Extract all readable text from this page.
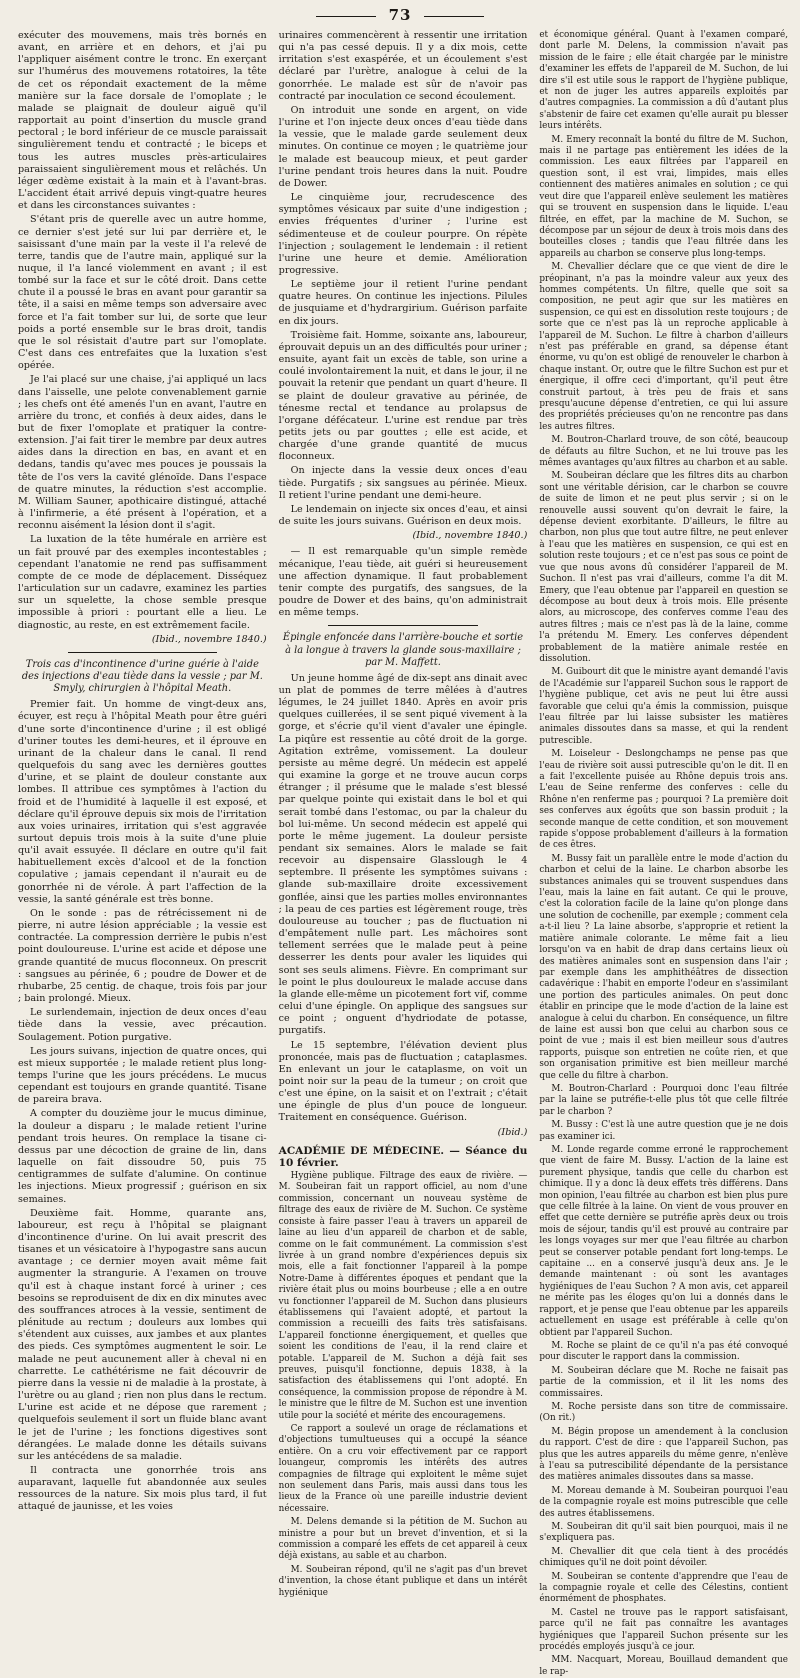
73

exécuter des mouvemens, mais très bornés en avant, en arrière et en dehors, et j'ai pu l'appliquer aisément contre le tronc. En exerçant sur l'humérus des mouvemens rotatoires, la tête de cet os répondait exactement de la même manière sur la face dorsale de l'omoplate ; le malade se plaignait de douleur aiguë qu'il rapportait au point d'insertion du muscle grand pectoral ; le bord inférieur de ce muscle paraissait singulièrement tendu et contracté ; le biceps et tous les autres muscles près-articulaires paraissaient singulièrement mous et relâchés. Un léger œdème existait à la main et à l'avant-bras. L'accident était arrivé depuis vingt-quatre heures et dans les circonstances suivantes :

S'étant pris de querelle avec un autre homme, ce dernier s'est jeté sur lui par derrière et, le saisissant d'une main par la veste il l'a relevé de terre, tandis que de l'autre main, appliqué sur la nuque, il l'a lancé violemment en avant ; il est tombé sur la face et sur le côté droit. Dans cette chute il a poussé le bras en avant pour garantir sa tête, il a saisi en même temps son adversaire avec force et l'a fait tomber sur lui, de sorte que leur poids a porté ensemble sur le bras droit, tandis que le sol résistait d'autre part sur l'omoplate. C'est dans ces entrefaites que la luxation s'est opérée.

Je l'ai placé sur une chaise, j'ai appliqué un lacs dans l'aisselle, une pelote convenablement garnie ; les chefs ont été amenés l'un en avant, l'autre en arrière du tronc, et confiés à deux aides, dans le but de fixer l'omoplate et pratiquer la contre-extension. J'ai fait tirer le membre par deux autres aides dans la direction en bas, en avant et en dedans, tandis qu'avec mes pouces je poussais la tête de l'os vers la cavité glénoïde. Dans l'espace de quatre minutes, la réduction s'est accomplie. M. William Sauner, apothicaire distingué, attaché à l'infirmerie, a été présent à l'opération, et a reconnu aisément la lésion dont il s'agit.

La luxation de la tête humérale en arrière est un fait prouvé par des exemples incontestables ; cependant l'anatomie ne rend pas suffisamment compte de ce mode de déplacement. Disséquez l'articulation sur un cadavre, examinez les parties sur un squelette, la chose semble presque impossible à priori : pourtant elle a lieu. Le diagnostic, au reste, en est extrêmement facile.

(Ibid., novembre 1840.)

Trois cas d'incontinence d'urine guérie à l'aide des injections d'eau tiède dans la vessie ; par M. Smyly, chirurgien à l'hôpital Meath.

Premier fait. Un homme de vingt-deux ans, écuyer, est reçu à l'hôpital Meath pour être guéri d'une sorte d'incontinence d'urine ; il est obligé d'uriner toutes les demi-heures, et il éprouve en urinant de la chaleur dans le canal. Il rend quelquefois du sang avec les dernières gouttes d'urine, et se plaint de douleur constante aux lombes. Il attribue ces symptômes à l'action du froid et de l'humidité à laquelle il est exposé, et déclare qu'il éprouve depuis six mois de l'irritation aux voies urinaires, irritation qui s'est aggravée surtout depuis trois mois à la suite d'une pluie qu'il avait essuyée. Il déclare en outre qu'il fait habituellement excès d'alcool et de la fonction copulative ; jamais cependant il n'aurait eu de gonorrhée ni de vérole. À part l'affection de la vessie, la santé générale est très bonne.

On le sonde : pas de rétrécissement ni de pierre, ni autre lésion appréciable ; la vessie est contractée. La compression derrière le pubis n'est point douloureuse. L'urine est acide et dépose une grande quantité de mucus floconneux. On prescrit : sangsues au périnée, 6 ; poudre de Dower et de rhubarbe, 25 centig. de chaque, trois fois par jour ; bain prolongé. Mieux.

Le surlendemain, injection de deux onces d'eau tiède dans la vessie, avec précaution. Soulagement. Potion purgative.

Les jours suivans, injection de quatre onces, qui est mieux supportée ; le malade retient plus long-temps l'urine que les jours précédens. Le mucus cependant est toujours en grande quantité. Tisane de pareira brava.

A compter du douzième jour le mucus diminue, la douleur a disparu ; le malade retient l'urine pendant trois heures. On remplace la tisane ci-dessus par une décoction de graine de lin, dans laquelle on fait dissoudre 50, puis 75 centigrammes de sulfate d'alumine. On continue les injections. Mieux progressif ; guérison en six semaines.

Deuxième fait. Homme, quarante ans, laboureur, est reçu à l'hôpital se plaignant d'incontinence d'urine. On lui avait prescrit des tisanes et un vésicatoire à l'hypogastre sans aucun avantage ; ce dernier moyen avait même fait augmenter la strangurie. A l'examen on trouve qu'il est à chaque instant forcé à uriner ; ces besoins se reproduisent de dix en dix minutes avec des souffrances atroces à la vessie, sentiment de plénitude au rectum ; douleurs aux lombes qui s'étendent aux cuisses, aux jambes et aux plantes des pieds. Ces symptômes augmentent le soir. Le malade ne peut aucunement aller à cheval ni en charrette. Le cathétérisme ne fait découvrir de pierre dans la vessie ni de maladie à la prostate, à l'urètre ou au gland ; rien non plus dans le rectum. L'urine est acide et ne dépose que rarement ; quelquefois seulement il sort un fluide blanc avant le jet de l'urine ; les fonctions digestives sont dérangées. Le malade donne les détails suivans sur les antécédens de sa maladie.

Il contracta une gonorrhée trois ans auparavant, laquelle fut abandonnée aux seules ressources de la nature. Six mois plus tard, il fut attaqué de jaunisse, et les voies

urinaires commencèrent à ressentir une irritation qui n'a pas cessé depuis. Il y a dix mois, cette irritation s'est exaspérée, et un écoulement s'est déclaré par l'urètre, analogue à celui de la gonorrhée. Le malade est sûr de n'avoir pas contracté par inoculation ce second écoulement.

On introduit une sonde en argent, on vide l'urine et l'on injecte deux onces d'eau tiède dans la vessie, que le malade garde seulement deux minutes. On continue ce moyen ; le quatrième jour le malade est beaucoup mieux, et peut garder l'urine pendant trois heures dans la nuit. Poudre de Dower.

Le cinquième jour, recrudescence des symptômes vésicaux par suite d'une indigestion ; envies fréquentes d'uriner ; l'urine est sédimenteuse et de couleur pourpre. On répète l'injection ; soulagement le lendemain : il retient l'urine une heure et demie. Amélioration progressive.

Le septième jour il retient l'urine pendant quatre heures. On continue les injections. Pilules de jusquiame et d'hydrargirium. Guérison parfaite en dix jours.

Troisième fait. Homme, soixante ans, laboureur, éprouvait depuis un an des difficultés pour uriner ; ensuite, ayant fait un excès de table, son urine a coulé involontairement la nuit, et dans le jour, il ne pouvait la retenir que pendant un quart d'heure. Il se plaint de douleur gravative au périnée, de ténesme rectal et tendance au prolapsus de l'organe défécateur. L'urine est rendue par très petits jets ou par gouttes ; elle est acide, et chargée d'une grande quantité de mucus floconneux.

On injecte dans la vessie deux onces d'eau tiède. Purgatifs ; six sangsues au périnée. Mieux. Il retient l'urine pendant une demi-heure.

Le lendemain on injecte six onces d'eau, et ainsi de suite les jours suivans. Guérison en deux mois.

(Ibid., novembre 1840.)

— Il est remarquable qu'un simple remède mécanique, l'eau tiède, ait guéri si heureusement une affection dynamique. Il faut probablement tenir compte des purgatifs, des sangsues, de la poudre de Dower et des bains, qu'on administrait en même temps.

Épingle enfoncée dans l'arrière-bouche et sortie à la longue à travers la glande sous-maxillaire ; par M. Maffett.

Un jeune homme âgé de dix-sept ans dinait avec un plat de pommes de terre mêlées à d'autres légumes, le 24 juillet 1840. Après en avoir pris quelques cuillerées, il se sent piqué vivement à la gorge, et s'écrie qu'il vient d'avaler une épingle. La piqûre est ressentie au côté droit de la gorge. Agitation extrême, vomissement. La douleur persiste au même degré. Un médecin est appelé qui examine la gorge et ne trouve aucun corps étranger ; il présume que le malade s'est blessé par quelque pointe qui existait dans le bol et qui serait tombé dans l'estomac, ou par la chaleur du bol lui-même. Un second médecin est appelé qui porte le même jugement. La douleur persiste pendant six semaines. Alors le malade se fait recevoir au dispensaire Glasslough le 4 septembre. Il présente les symptômes suivans : glande sub-maxillaire droite excessivement gonflée, ainsi que les parties molles environnantes ; la peau de ces parties est légèrement rouge, très douloureuse au toucher ; pas de fluctuation ni d'empâtement nulle part. Les mâchoires sont tellement serrées que le malade peut à peine desserrer les dents pour avaler les liquides qui sont ses seuls alimens. Fièvre. En comprimant sur le point le plus douloureux le malade accuse dans la glande elle-même un picotement fort vif, comme celui d'une épingle. On applique des sangsues sur ce point ; onguent d'hydriodate de potasse, purgatifs.

Le 15 septembre, l'élévation devient plus prononcée, mais pas de fluctuation ; cataplasmes. En enlevant un jour le cataplasme, on voit un point noir sur la peau de la tumeur ; on croit que c'est une épine, on la saisit et on l'extrait ; c'était une épingle de plus d'un pouce de longueur. Traitement en conséquence. Guérison.

(Ibid.)

ACADÉMIE DE MÉDECINE. — Séance du 10 février.

Hygiène publique. Filtrage des eaux de rivière. — M. Soubeiran fait un rapport officiel, au nom d'une commission, concernant un nouveau système de filtrage des eaux de rivière de M. Suchon. Ce système consiste à faire passer l'eau à travers un appareil de laine au lieu d'un appareil de charbon et de sable, comme on le fait communément. La commission s'est livrée à un grand nombre d'expériences depuis six mois, elle a fait fonctionner l'appareil à la pompe Notre-Dame à différentes époques et pendant que la rivière était plus ou moins bourbeuse ; elle a en outre vu fonctionner l'appareil de M. Suchon dans plusieurs établissemens qui l'avaient adopté, et partout la commission a recueilli des faits très satisfaisans. L'appareil fonctionne énergiquement, et quelles que soient les conditions de l'eau, il la rend claire et potable. L'appareil de M. Suchon a déjà fait ses preuves, puisqu'il fonctionne, depuis 1838, à la satisfaction des établissemens qui l'ont adopté. En conséquence, la commission propose de répondre à M. le ministre que le filtre de M. Suchon est une invention utile pour la société et mérite des encouragemens.

Ce rapport a soulevé un orage de réclamations et d'objections tumultueuses qui a occupé la séance entière. On a cru voir effectivement par ce rapport louangeur, compromis les intérêts des autres compagnies de filtrage qui exploitent le même sujet non seulement dans Paris, mais aussi dans tous les lieux de la France où une pareille industrie devient nécessaire.

M. Delens demande si la pétition de M. Suchon au ministre a pour but un brevet d'invention, et si la commission a comparé les effets de cet appareil à ceux déjà existans, au sable et au charbon.

M. Soubeiran répond, qu'il ne s'agit pas d'un brevet d'invention, la chose étant publique et dans un intérêt hygiénique

et économique général. Quant à l'examen comparé, dont parle M. Delens, la commission n'avait pas mission de le faire ; elle était chargée par le ministre d'examiner les effets de l'appareil de M. Suchon, de lui dire s'il est utile sous le rapport de l'hygiène publique, et non de juger les autres appareils exploités par d'autres compagnies. La commission a dû d'autant plus s'abstenir de faire cet examen qu'elle aurait pu blesser leurs intérêts.

M. Emery reconnaît la bonté du filtre de M. Suchon, mais il ne partage pas entièrement les idées de la commission. Les eaux filtrées par l'appareil en question sont, il est vrai, limpides, mais elles contiennent des matières animales en solution ; ce qui veut dire que l'appareil enlève seulement les matières qui se trouvent en suspension dans le liquide. L'eau filtrée, en effet, par la machine de M. Suchon, se décompose par un séjour de deux à trois mois dans des bouteilles closes ; tandis que l'eau filtrée dans les appareils au charbon se conserve plus long-temps.

M. Chevallier déclare que ce que vient de dire le préopinant, n'a pas la moindre valeur aux yeux des hommes compétents. Un filtre, quelle que soit sa composition, ne peut agir que sur les matières en suspension, ce qui est en dissolution reste toujours ; de sorte que ce n'est pas là un reproche applicable à l'appareil de M. Suchon. Le filtre à charbon d'ailleurs n'est pas préférable en grand, sa dépense étant énorme, vu qu'on est obligé de renouveler le charbon à chaque instant. Or, outre que le filtre Suchon est pur et énergique, il offre ceci d'important, qu'il peut être construit partout, à très peu de frais et sans presqu'aucune dépense d'entretien, ce qui lui assure des propriétés précieuses qu'on ne rencontre pas dans les autres filtres.

M. Boutron-Charlard trouve, de son côté, beaucoup de défauts au filtre Suchon, et ne lui trouve pas les mêmes avantages qu'aux filtres au charbon et au sable.

M. Soubeiran déclare que les filtres dits au charbon sont une véritable dérision, car le charbon se couvre de suite de limon et ne peut plus servir ; si on le renouvelle aussi souvent qu'on devrait le faire, la dépense devient exorbitante. D'ailleurs, le filtre au charbon, non plus que tout autre filtre, ne peut enlever à l'eau que les matières en suspension, ce qui est en solution reste toujours ; et ce n'est pas sous ce point de vue que nous avons dû considérer l'appareil de M. Suchon. Il n'est pas vrai d'ailleurs, comme l'a dit M. Emery, que l'eau obtenue par l'appareil en question se décompose au bout deux à trois mois. Elle présente alors, au microscope, des conferves comme l'eau des autres filtres ; mais ce n'est pas là de la laine, comme l'a prétendu M. Emery. Les conferves dépendent probablement de la matière animale restée en dissolution.

M. Guibourt dit que le ministre ayant demandé l'avis de l'Académie sur l'appareil Suchon sous le rapport de l'hygiène publique, cet avis ne peut lui être aussi favorable que celui qu'a émis la commission, puisque l'eau filtrée par lui laisse subsister les matières animales dissoutes dans sa masse, et qui la rendent putrescible.

M. Loiseleur - Deslongchamps ne pense pas que l'eau de rivière soit aussi putrescible qu'on le dit. Il en a fait l'excellente puisée au Rhône depuis trois ans. L'eau de Seine renferme des conferves : celle du Rhône n'en renferme pas ; pourquoi ? La première doit ses conferves aux égoûts que son bassin produit ; la seconde manque de cette condition, et son mouvement rapide s'oppose probablement d'ailleurs à la formation de ces êtres.

M. Bussy fait un parallèle entre le mode d'action du charbon et celui de la laine. Le charbon absorbe les substances animales qui se trouvent suspendues dans l'eau, mais la laine en fait autant. Ce qui le prouve, c'est la coloration facile de la laine qu'on plonge dans une solution de cochenille, par exemple ; comment cela a-t-il lieu ? La laine absorbe, s'approprie et retient la matière animale colorante. Le même fait a lieu lorsqu'on va en habit de drap dans certains lieux où des matières animales sont en suspension dans l'air ; par exemple dans les amphithéâtres de dissection cadavérique : l'habit en emporte l'odeur en s'assimilant une portion des particules animales. On peut donc établir en principe que le mode d'action de la laine est analogue à celui du charbon. En conséquence, un filtre de laine est aussi bon que celui au charbon sous ce point de vue ; mais il est bien meilleur sous d'autres rapports, puisque son entretien ne coûte rien, et que son organisation primitive est bien meilleur marché que celle du filtre à charbon.

M. Boutron-Charlard : Pourquoi donc l'eau filtrée par la laine se putréfie-t-elle plus tôt que celle filtrée par le charbon ?

M. Bussy : C'est là une autre question que je ne dois pas examiner ici.

M. Londe regarde comme erroné le rapprochement que vient de faire M. Bussy. L'action de la laine est purement physique, tandis que celle du charbon est chimique. Il y a donc là deux effets très différens. Dans mon opinion, l'eau filtrée au charbon est bien plus pure que celle filtrée à la laine. On vient de vous prouver en effet que cette dernière se putréfie après deux ou trois mois de séjour, tandis qu'il est prouvé au contraire par les longs voyages sur mer que l'eau filtrée au charbon peut se conserver potable pendant fort long-temps. Le capitaine ... en a conservé jusqu'à deux ans. Je le demande maintenant : où sont les avantages hygiéniques de l'eau Suchon ? A mon avis, cet appareil ne mérite pas les éloges qu'on lui a donnés dans le rapport, et je pense que l'eau obtenue par les appareils actuellement en usage est préférable à celle qu'on obtient par l'appareil Suchon.

M. Roche se plaint de ce qu'il n'a pas été convoqué pour discuter le rapport dans la commission.

M. Soubeiran déclare que M. Roche ne faisait pas partie de la commission, et il lit les noms des commissaires.

M. Roche persiste dans son titre de commissaire. (On rit.)

M. Bégin propose un amendement à la conclusion du rapport. C'est de dire : que l'appareil Suchon, pas plus que les autres appareils du même genre, n'enlève à l'eau sa putrescibilité dépendante de la persistance des matières animales dissoutes dans sa masse.

M. Moreau demande à M. Soubeiran pourquoi l'eau de la compagnie royale est moins putrescible que celle des autres établissemens.

M. Soubeiran dit qu'il sait bien pourquoi, mais il ne s'expliquera pas.

M. Chevallier dit que cela tient à des procédés chimiques qu'il ne doit point dévoiler.

M. Soubeiran se contente d'apprendre que l'eau de la compagnie royale et celle des Célestins, contient énormément de phosphates.

M. Castel ne trouve pas le rapport satisfaisant, parce qu'il ne fait pas connaître les avantages hygiéniques que l'appareil Suchon présente sur les procédés employés jusqu'à ce jour.

MM. Nacquart, Moreau, Bouillaud demandent que le rap-
